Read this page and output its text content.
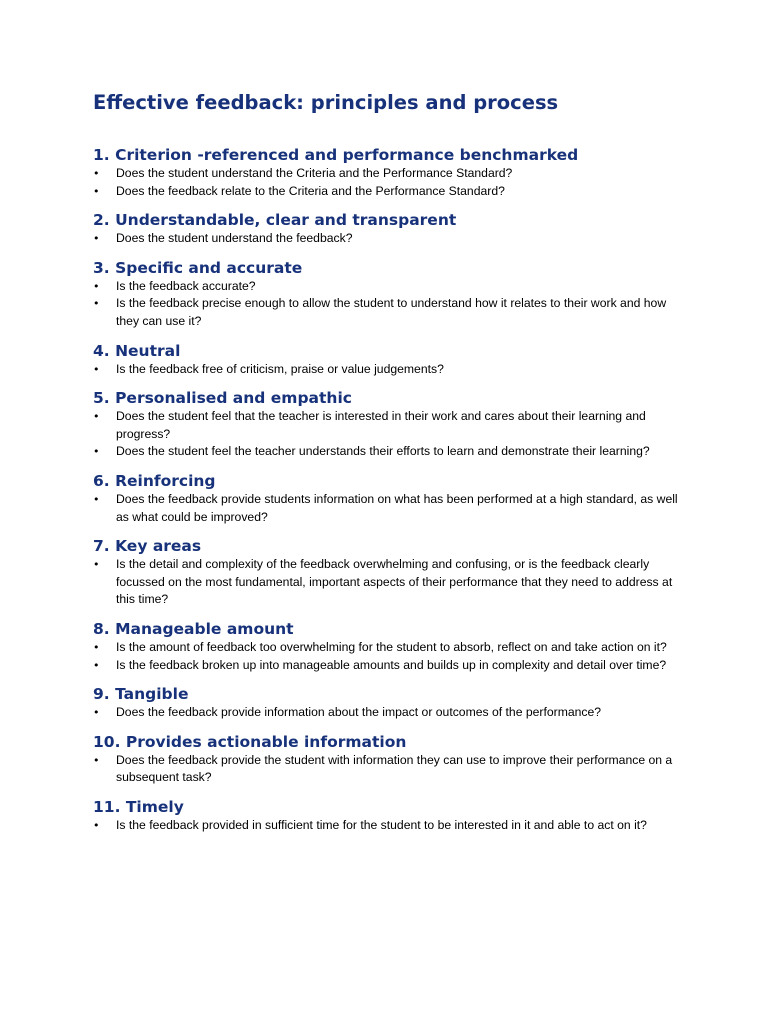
Effective feedback: principles and process
1. Criterion -referenced and performance benchmarked
• Does the student understand the Criteria and the Performance Standard?
• Does the feedback relate to the Criteria and the Performance Standard?
2. Understandable, clear and transparent
• Does the student understand the feedback?
3. Specific and accurate
• Is the feedback accurate?
• Is the feedback precise enough to allow the student to understand how it relates to their work and how they can use it?
4. Neutral
• Is the feedback free of criticism, praise or value judgements?
5. Personalised and empathic
• Does the student feel that the teacher is interested in their work and cares about their learning and progress?
• Does the student feel the teacher understands their efforts to learn and demonstrate their learning?
6. Reinforcing
• Does the feedback provide students information on what has been performed at a high standard, as well as what could be improved?
7. Key areas
• Is the detail and complexity of the feedback overwhelming and confusing, or is the feedback clearly focussed on the most fundamental, important aspects of their performance that they need to address at this time?
8. Manageable amount
• Is the amount of feedback too overwhelming for the student to absorb, reflect on and take action on it?
• Is the feedback broken up into manageable amounts and builds up in complexity and detail over time?
9. Tangible
• Does the feedback provide information about the impact or outcomes of the performance?
10. Provides actionable information
• Does the feedback provide the student with information they can use to improve their performance on a subsequent task?
11. Timely
• Is the feedback provided in sufficient time for the student to be interested in it and able to act on it?
